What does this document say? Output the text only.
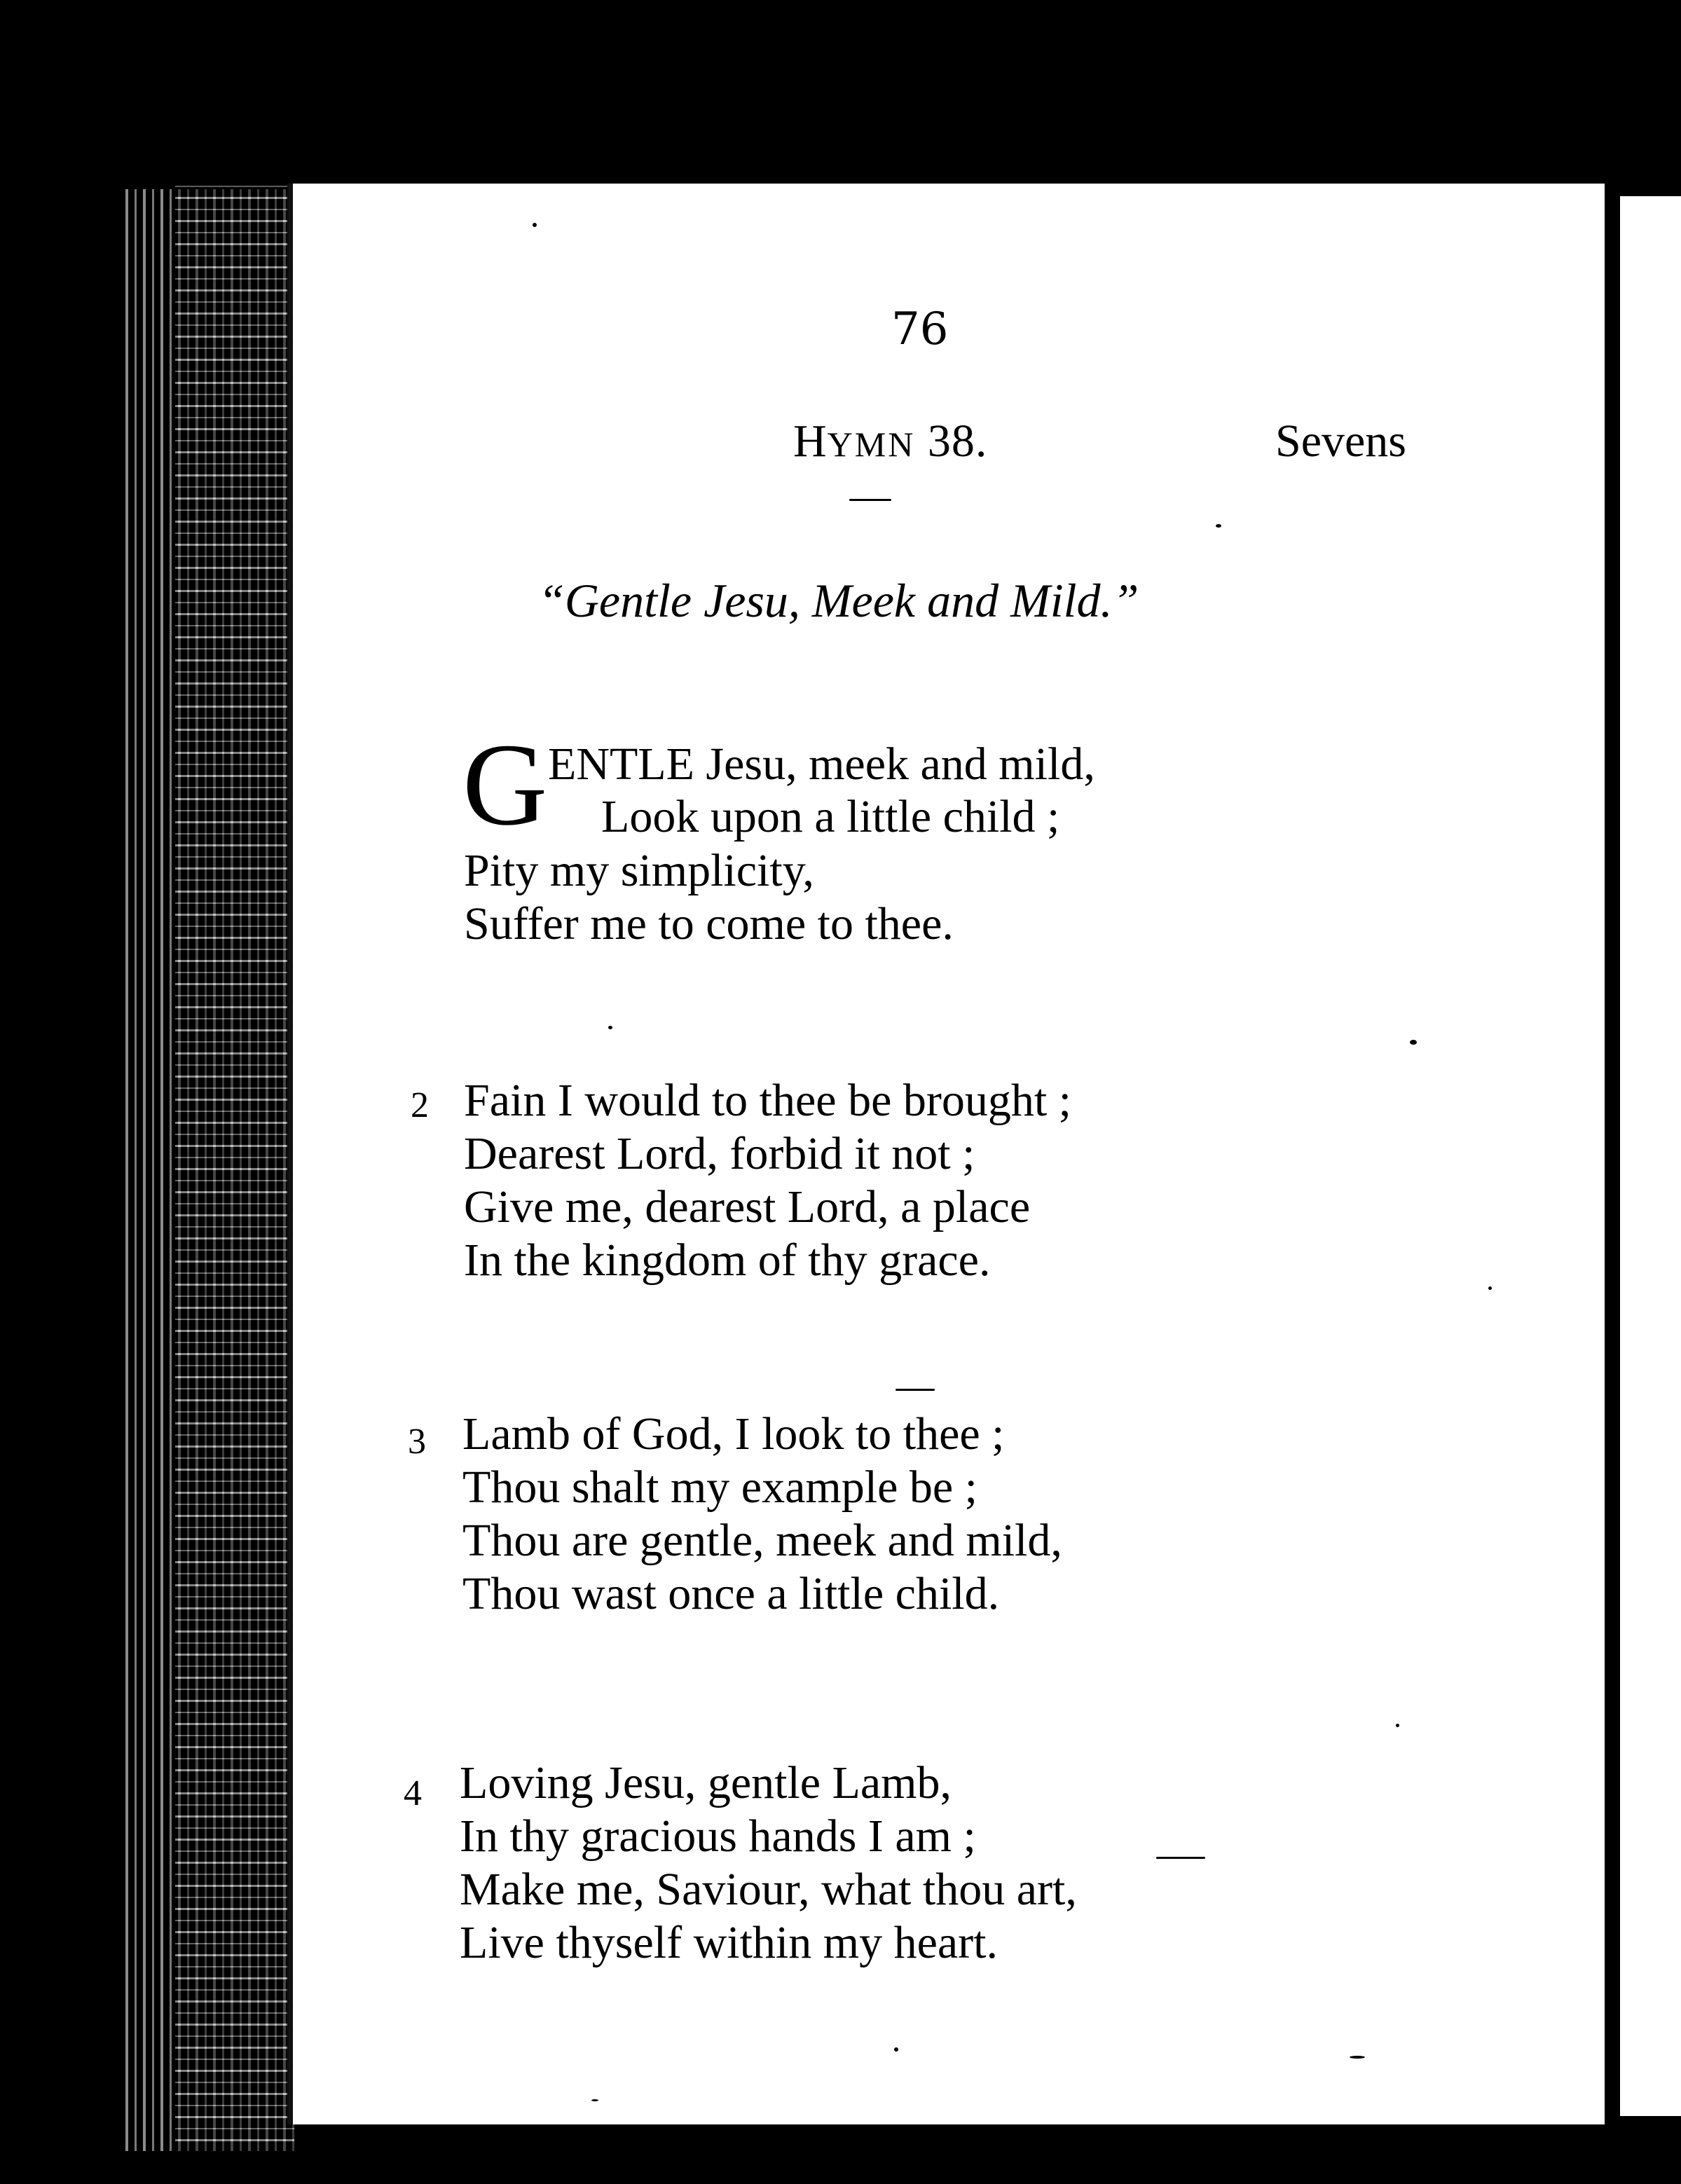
76
HYMN 38.	Sevens
“Gentle Jesu, Meek and Mild.”
G ENTLE Jesu, meek and mild,
Look upon a little child ;
Pity my simplicity,
Suffer me to come to thee.
2 Fain I would to thee be brought ;
Dearest Lord, forbid it not ;
Give me, dearest Lord, a place
In the kingdom of thy grace.
3 Lamb of God, I look to thee ;
Thou shalt my example be ;
Thou are gentle, meek and mild,
Thou wast once a little child.
4 Loving Jesu, gentle Lamb,
In thy gracious hands I am ;
Make me, Saviour, what thou art,
Live thyself within my heart.
